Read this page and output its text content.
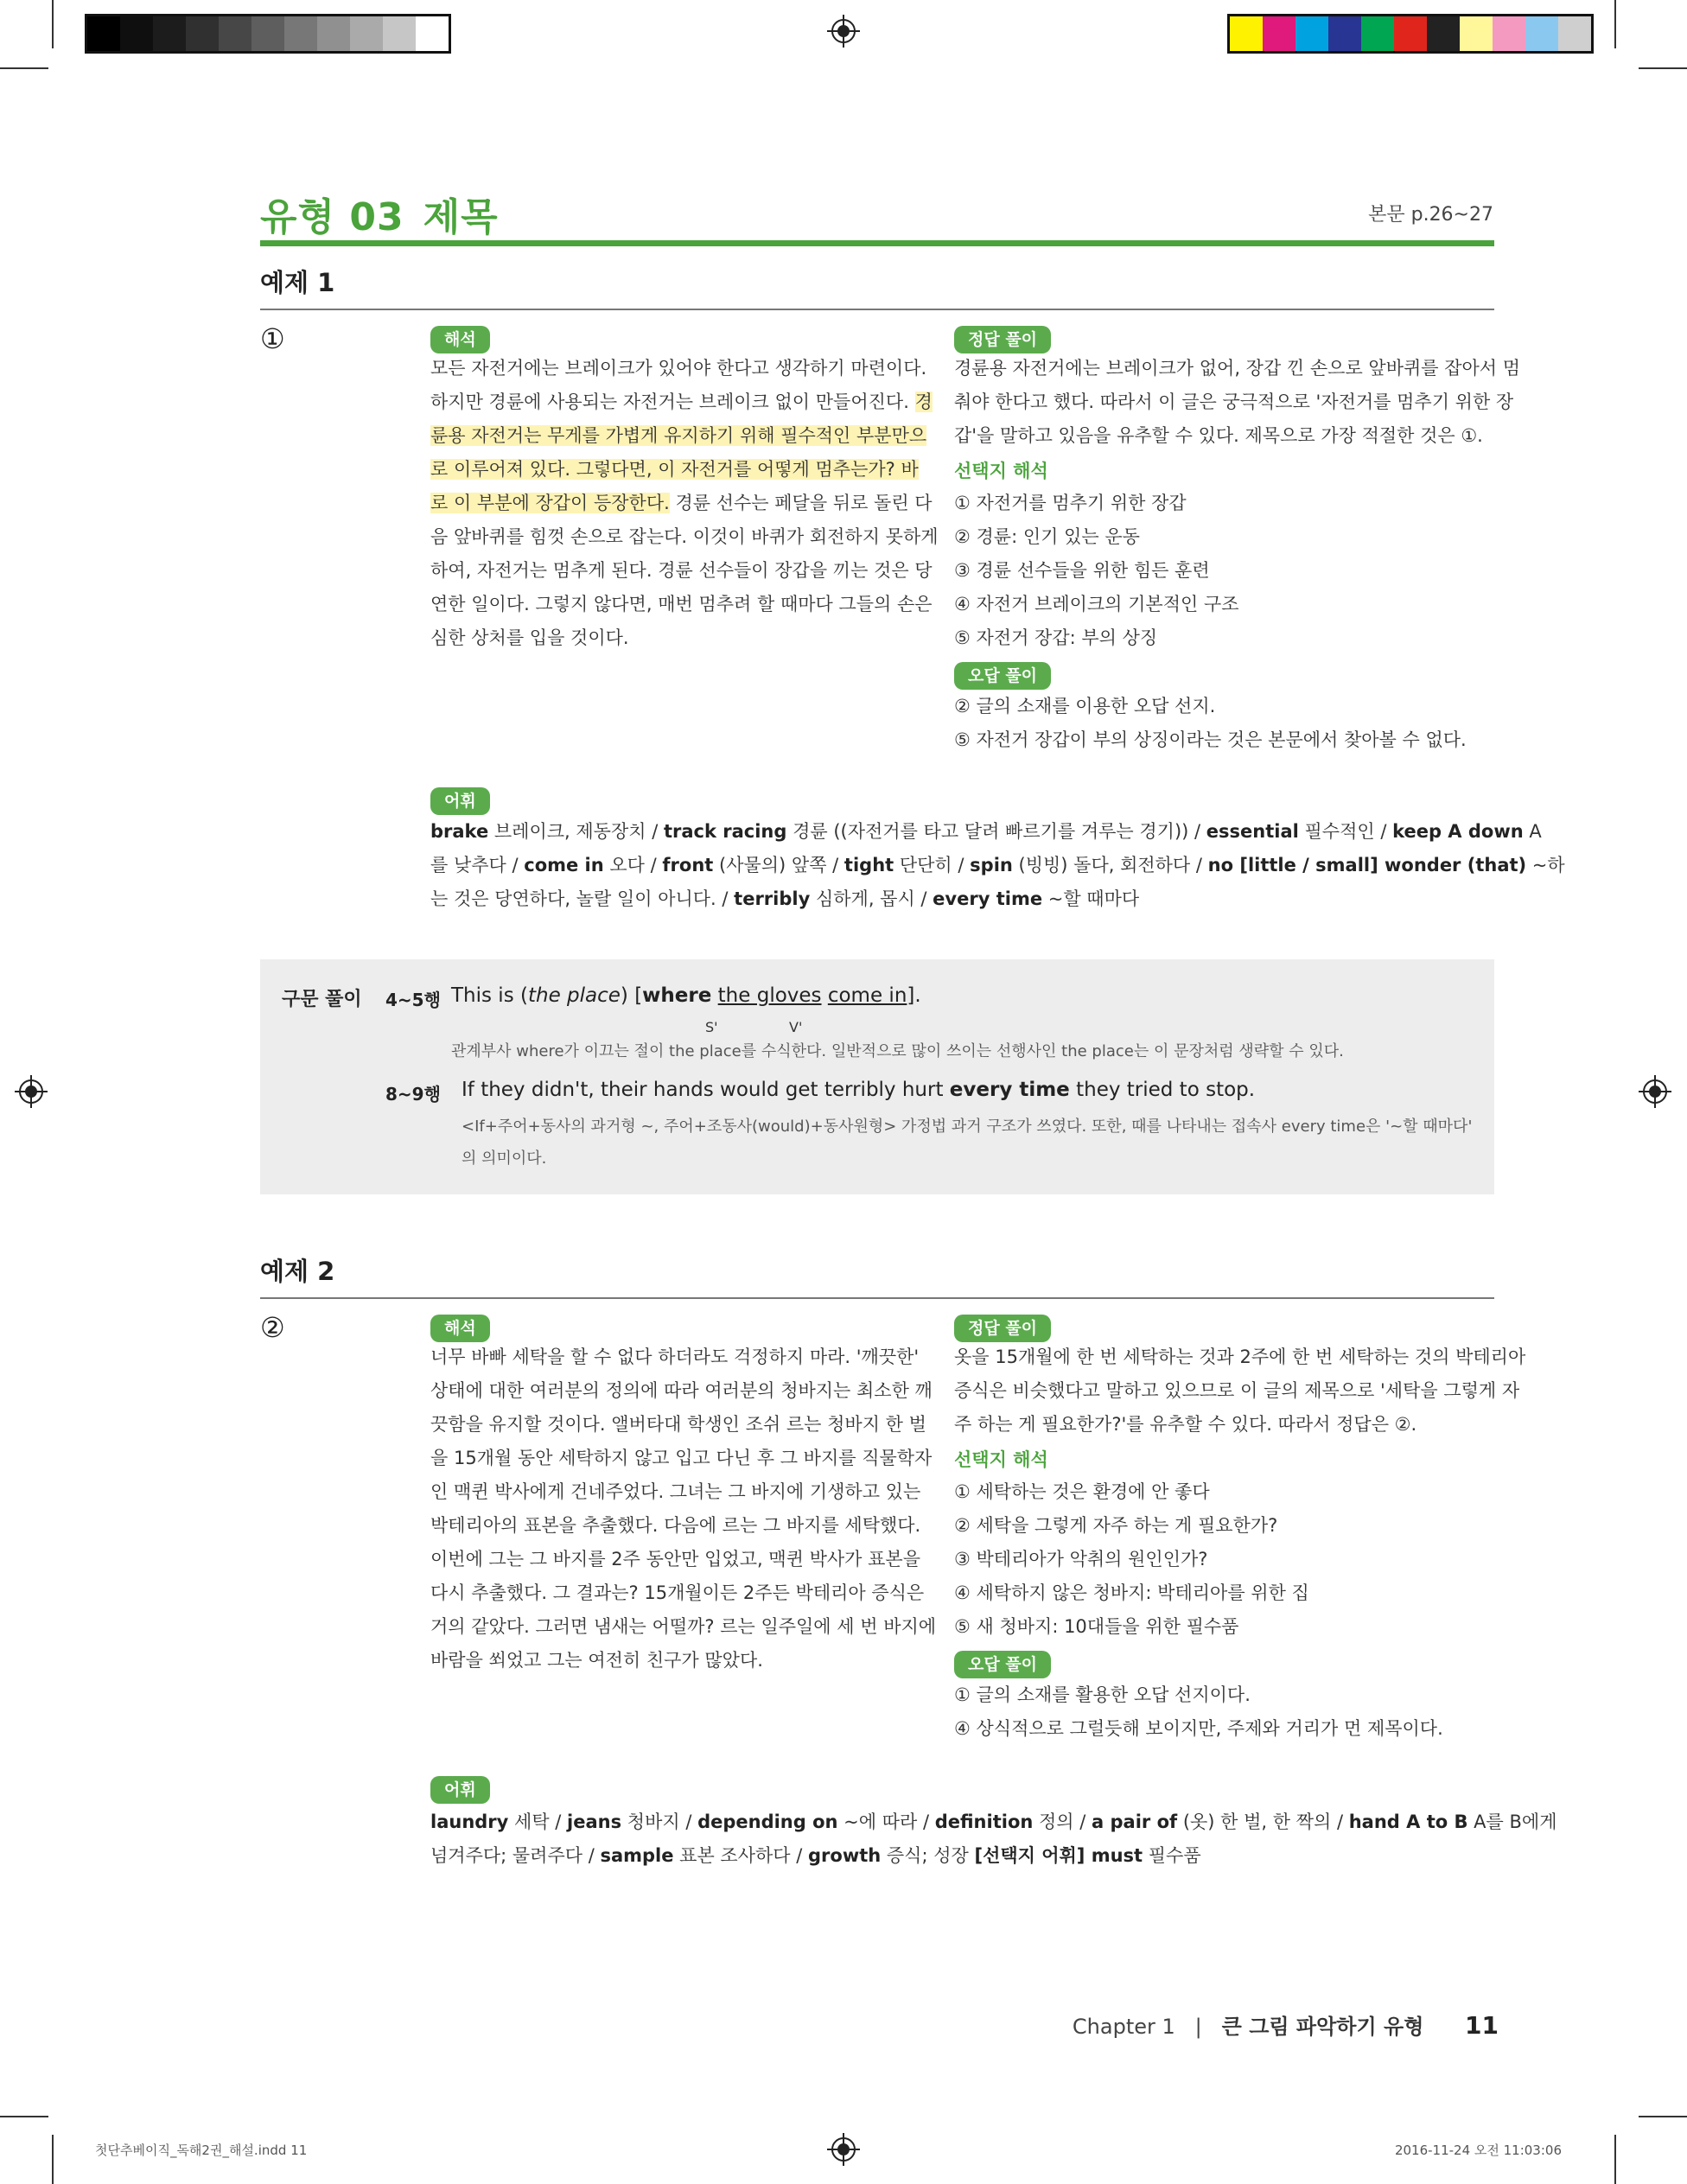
유형 03 제목	본문 p.26~27
예제 1
①	해석
모든 자전거에는 브레이크가 있어야 한다고 생각하기 마련이다.
하지만 경륜에 사용되는 자전거는 브레이크 없이 만들어진다. 경
륜용 자전거는 무게를 가볍게 유지하기 위해 필수적인 부분만으
로 이루어져 있다. 그렇다면, 이 자전거를 어떻게 멈추는가? 바
로 이 부분에 장갑이 등장한다. 경륜 선수는 페달을 뒤로 돌린 다
음 앞바퀴를 힘껏 손으로 잡는다. 이것이 바퀴가 회전하지 못하게
하여, 자전거는 멈추게 된다. 경륜 선수들이 장갑을 끼는 것은 당
연한 일이다. 그렇지 않다면, 매번 멈추려 할 때마다 그들의 손은
심한 상처를 입을 것이다.
정답 풀이
경륜용 자전거에는 브레이크가 없어, 장갑 낀 손으로 앞바퀴를 잡아서 멈
춰야 한다고 했다. 따라서 이 글은 궁극적으로 '자전거를 멈추기 위한 장
갑'을 말하고 있음을 유추할 수 있다. 제목으로 가장 적절한 것은 ①.
선택지 해석
① 자전거를 멈추기 위한 장갑
② 경륜: 인기 있는 운동
③ 경륜 선수들을 위한 힘든 훈련
④ 자전거 브레이크의 기본적인 구조
⑤ 자전거 장갑: 부의 상징
오답 풀이
② 글의 소재를 이용한 오답 선지.
⑤ 자전거 장갑이 부의 상징이라는 것은 본문에서 찾아볼 수 없다.
어휘
brake 브레이크, 제동장치 / track racing 경륜 ((자전거를 타고 달려 빠르기를 겨루는 경기)) / essential 필수적인 / keep A down A
를 낮추다 / come in 오다 / front (사물의) 앞쪽 / tight 단단히 / spin (빙빙) 돌다, 회전하다 / no [little / small] wonder (that) ~하
는 것은 당연하다, 놀랄 일이 아니다. / terribly 심하게, 몹시 / every time ~할 때마다
구문 풀이 4~5행 This is (the place) [where the gloves come in].
S'	V'
관계부사 where가 이끄는 절이 the place를 수식한다. 일반적으로 많이 쓰이는 선행사인 the place는 이 문장처럼 생략할 수 있다.
8~9행 If they didn't, their hands would get terribly hurt every time they tried to stop.
<If+주어+동사의 과거형 ~, 주어+조동사(would)+동사원형> 가정법 과거 구조가 쓰였다. 또한, 때를 나타내는 접속사 every time은 '~할 때마다'
의 의미이다.
예제 2
②	해석
너무 바빠 세탁을 할 수 없다 하더라도 걱정하지 마라. '깨끗한'
상태에 대한 여러분의 정의에 따라 여러분의 청바지는 최소한 깨
끗함을 유지할 것이다. 앨버타대 학생인 조쉬 르는 청바지 한 벌
을 15개월 동안 세탁하지 않고 입고 다닌 후 그 바지를 직물학자
인 맥퀸 박사에게 건네주었다. 그녀는 그 바지에 기생하고 있는
박테리아의 표본을 추출했다. 다음에 르는 그 바지를 세탁했다.
이번에 그는 그 바지를 2주 동안만 입었고, 맥퀸 박사가 표본을
다시 추출했다. 그 결과는? 15개월이든 2주든 박테리아 증식은
거의 같았다. 그러면 냄새는 어떨까? 르는 일주일에 세 번 바지에
바람을 쐬었고 그는 여전히 친구가 많았다.
정답 풀이
옷을 15개월에 한 번 세탁하는 것과 2주에 한 번 세탁하는 것의 박테리아
증식은 비슷했다고 말하고 있으므로 이 글의 제목으로 '세탁을 그렇게 자
주 하는 게 필요한가?'를 유추할 수 있다. 따라서 정답은 ②.
선택지 해석
① 세탁하는 것은 환경에 안 좋다
② 세탁을 그렇게 자주 하는 게 필요한가?
③ 박테리아가 악취의 원인인가?
④ 세탁하지 않은 청바지: 박테리아를 위한 집
⑤ 새 청바지: 10대들을 위한 필수품
오답 풀이
① 글의 소재를 활용한 오답 선지이다.
④ 상식적으로 그럴듯해 보이지만, 주제와 거리가 먼 제목이다.
어휘
laundry 세탁 / jeans 청바지 / depending on ~에 따라 / definition 정의 / a pair of (옷) 한 벌, 한 짝의 / hand A to B A를 B에게
넘겨주다; 물려주다 / sample 표본 조사하다 / growth 증식; 성장 [선택지 어휘] must 필수품
Chapter 1 | 큰 그림 파악하기 유형 11
첫단추베이직_독해2권_해설.indd 11	2016-11-24 오전 11:03:06
